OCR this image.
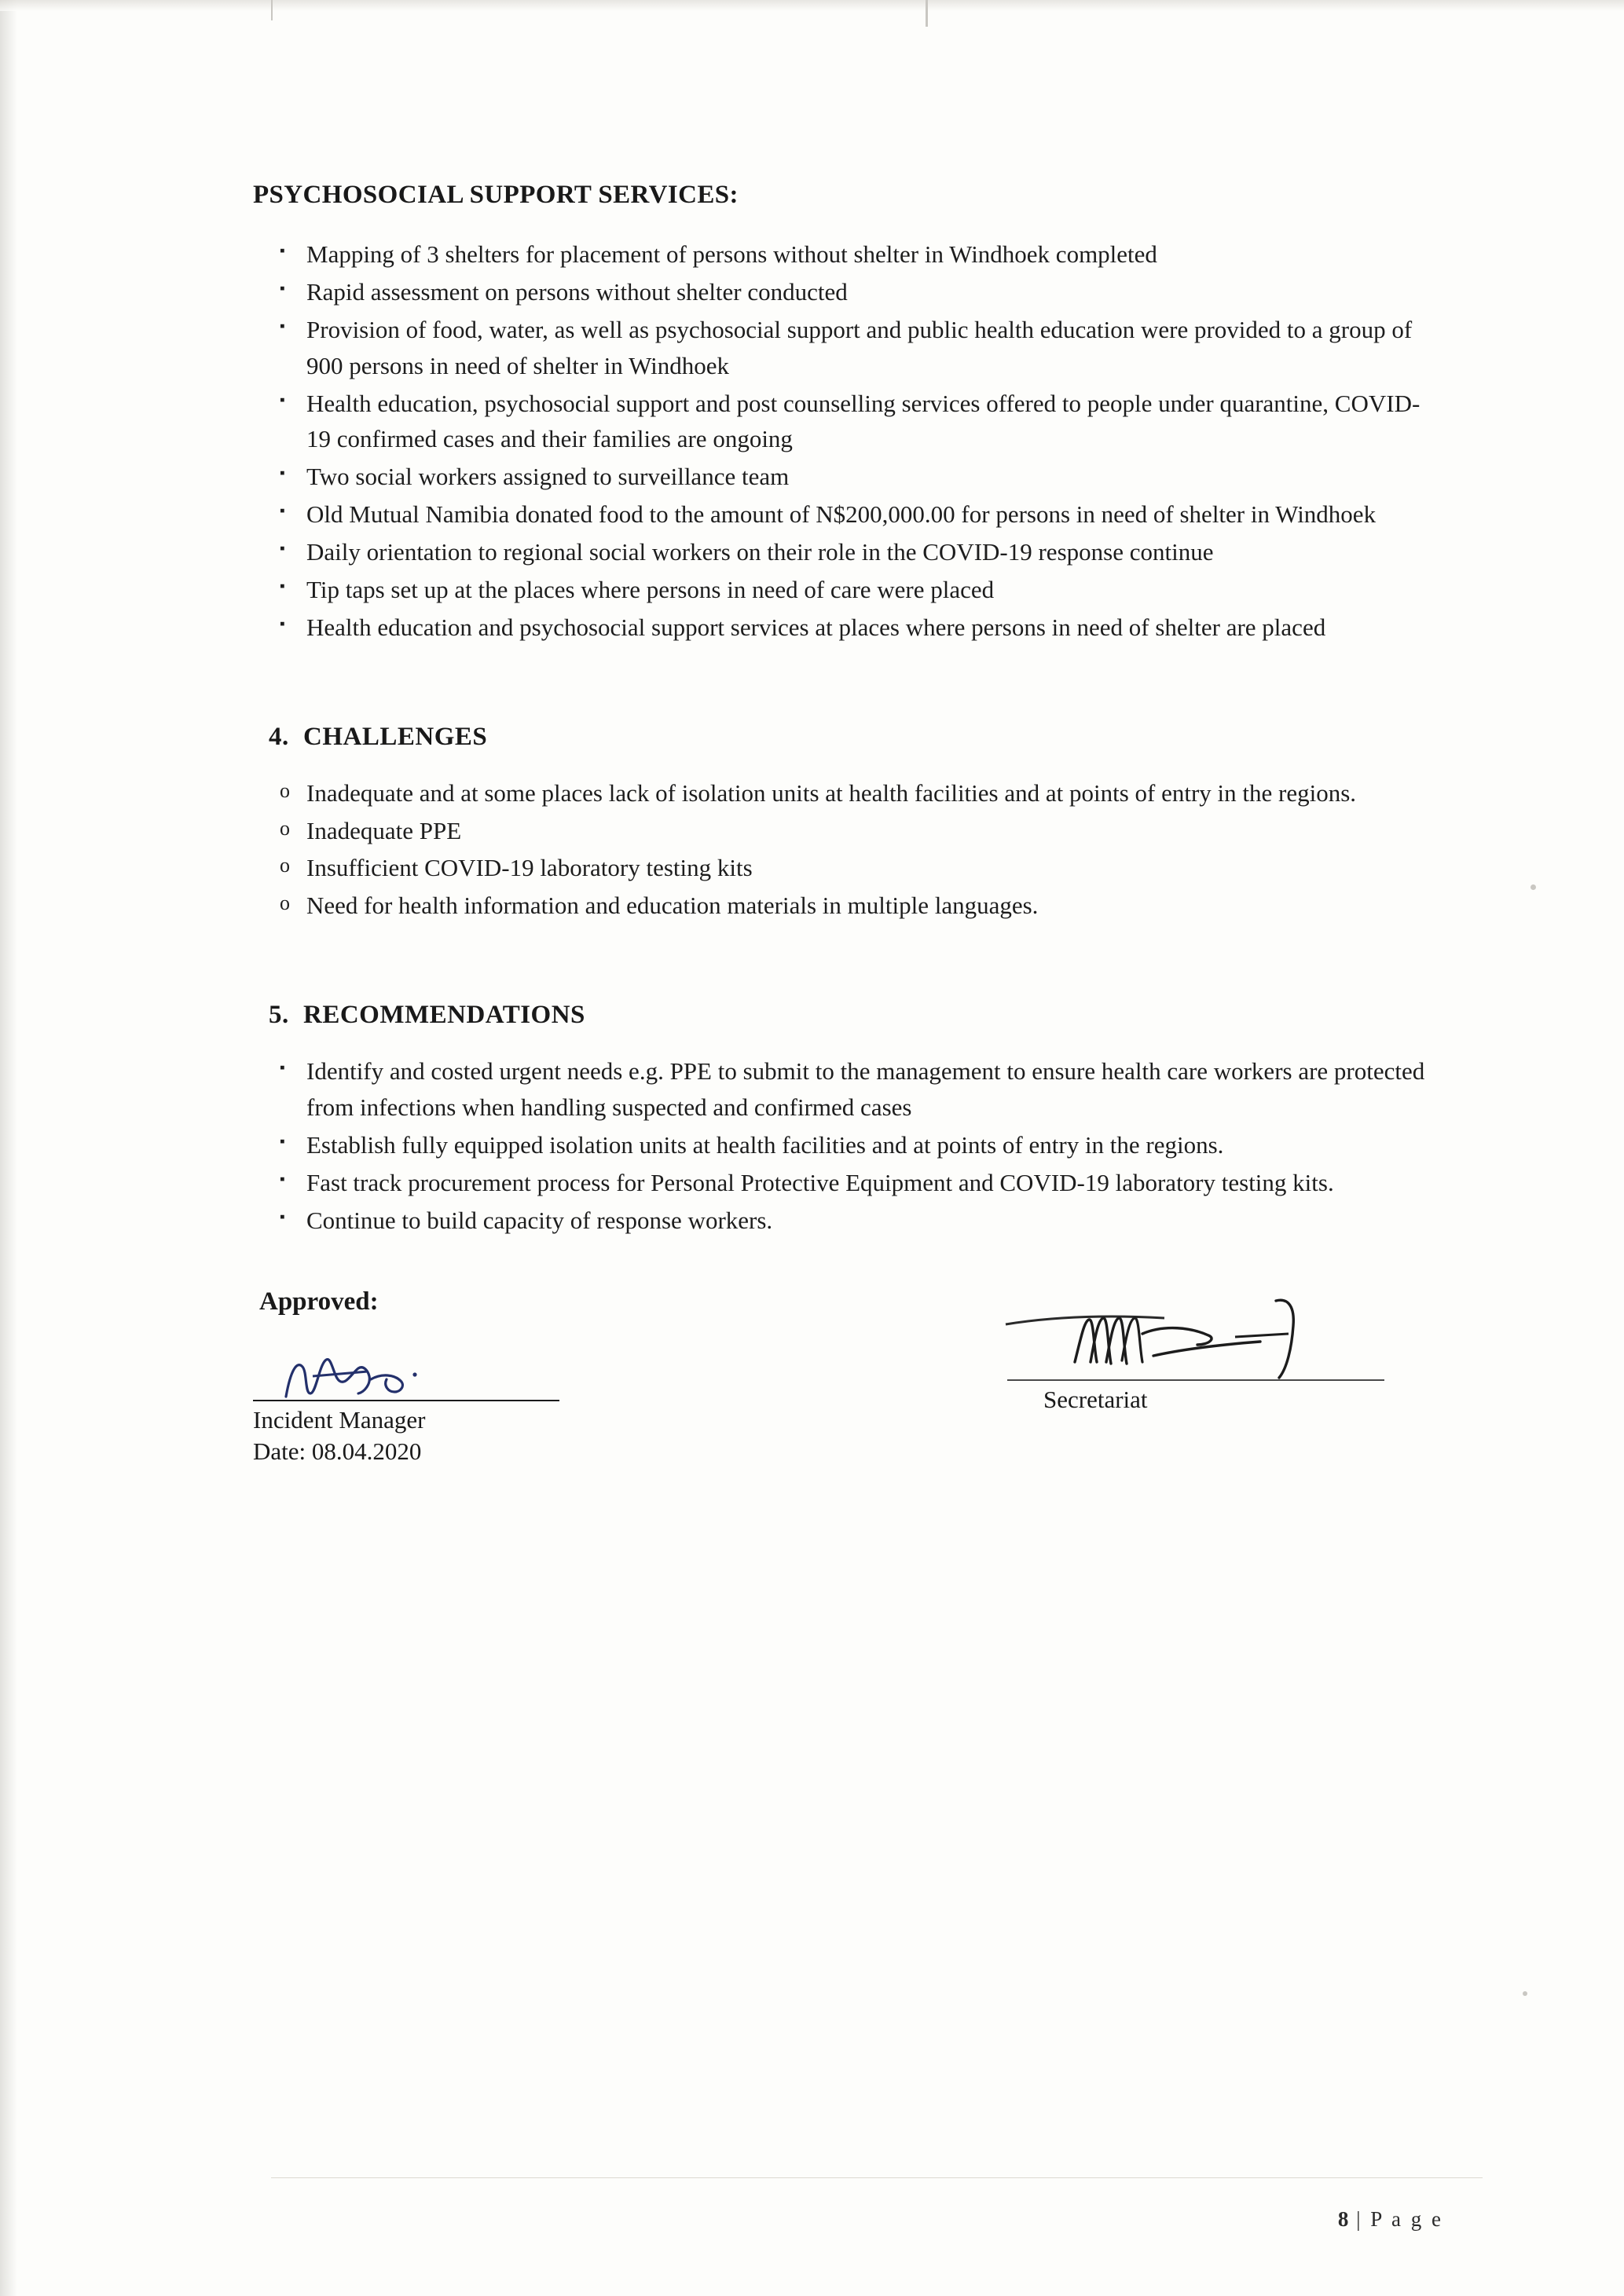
PSYCHOSOCIAL SUPPORT SERVICES:
▪ Mapping of 3 shelters for placement of persons without shelter in Windhoek completed
▪ Rapid assessment on persons without shelter conducted
▪ Provision of food, water, as well as psychosocial support and public health education were provided to a group of 900 persons in need of shelter in Windhoek
▪ Health education, psychosocial support and post counselling services offered to people under quarantine, COVID-19 confirmed cases and their families are ongoing
▪ Two social workers assigned to surveillance team
▪ Old Mutual Namibia donated food to the amount of N$200,000.00 for persons in need of shelter in Windhoek
▪ Daily orientation to regional social workers on their role in the COVID-19 response continue
▪ Tip taps set up at the places where persons in need of care were placed
▪ Health education and psychosocial support services at places where persons in need of shelter are placed
4. CHALLENGES
o Inadequate and at some places lack of isolation units at health facilities and at points of entry in the regions.
o Inadequate PPE
o Insufficient COVID-19 laboratory testing kits
o Need for health information and education materials in multiple languages.
5. RECOMMENDATIONS
▪ Identify and costed urgent needs e.g. PPE to submit to the management to ensure health care workers are protected from infections when handling suspected and confirmed cases
▪ Establish fully equipped isolation units at health facilities and at points of entry in the regions.
▪ Fast track procurement process for Personal Protective Equipment and COVID-19 laboratory testing kits.
▪ Continue to build capacity of response workers.
Approved:
Incident Manager
Date: 08.04.2020
Secretariat
8 | P a g e
